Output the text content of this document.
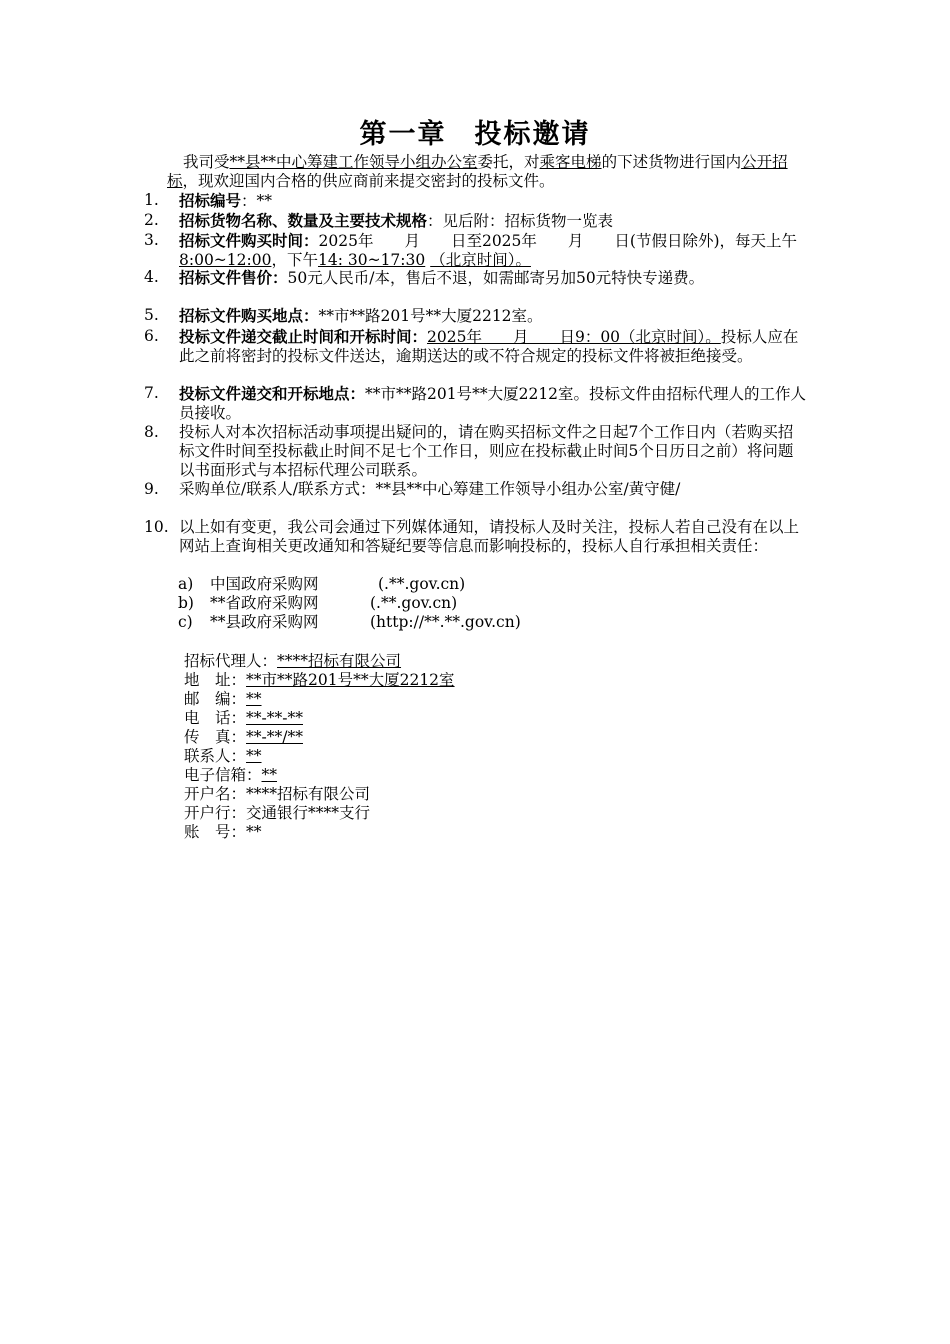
第一章 投标邀请
我司受**县**中心筹建工作领导小组办公室委托，对乘客电梯的下述货物进行国内公开招标，现欢迎国内合格的供应商前来提交密封的投标文件。
1.	招标编号：**
2.	招标货物名称、数量及主要技术规格：见后附：招标货物一览表
3.	招标文件购买时间：2025年　　月　　日至2025年　　月　　日(节假日除外)，每天上午8:00~12:00，下午14: 30~17:30 （北京时间）。
4.	招标文件售价：50元人民币/本，售后不退，如需邮寄另加50元特快专递费。
5.	招标文件购买地点：**市**路201号**大厦2212室。
6.	投标文件递交截止时间和开标时间：2025年　　月　　日9：00（北京时间）。投标人应在此之前将密封的投标文件送达，逾期送达的或不符合规定的投标文件将被拒绝接受。
7.	投标文件递交和开标地点：**市**路201号**大厦2212室。投标文件由招标代理人的工作人员接收。
8.	投标人对本次招标活动事项提出疑问的，请在购买招标文件之日起7个工作日内（若购买招标文件时间至投标截止时间不足七个工作日，则应在投标截止时间5个日历日之前）将问题以书面形式与本招标代理公司联系。
9.	采购单位/联系人/联系方式：**县**中心筹建工作领导小组办公室/黄守健/
10. 以上如有变更，我公司会通过下列媒体通知，请投标人及时关注，投标人若自己没有在以上网站上查询相关更改通知和答疑纪要等信息而影响投标的，投标人自行承担相关责任：
a) 中国政府采购网	(.**.gov.cn)
b) **省政府采购网	(.**.gov.cn)
c) **县政府采购网	(http://**.**.gov.cn)
招标代理人：****招标有限公司
地　址：**市**路201号**大厦2212室
邮　编：**
电　话：**-**-**
传　真：**-**/**
联系人：**
电子信箱：**
开户名：****招标有限公司
开户行：交通银行****支行
账　号：**
